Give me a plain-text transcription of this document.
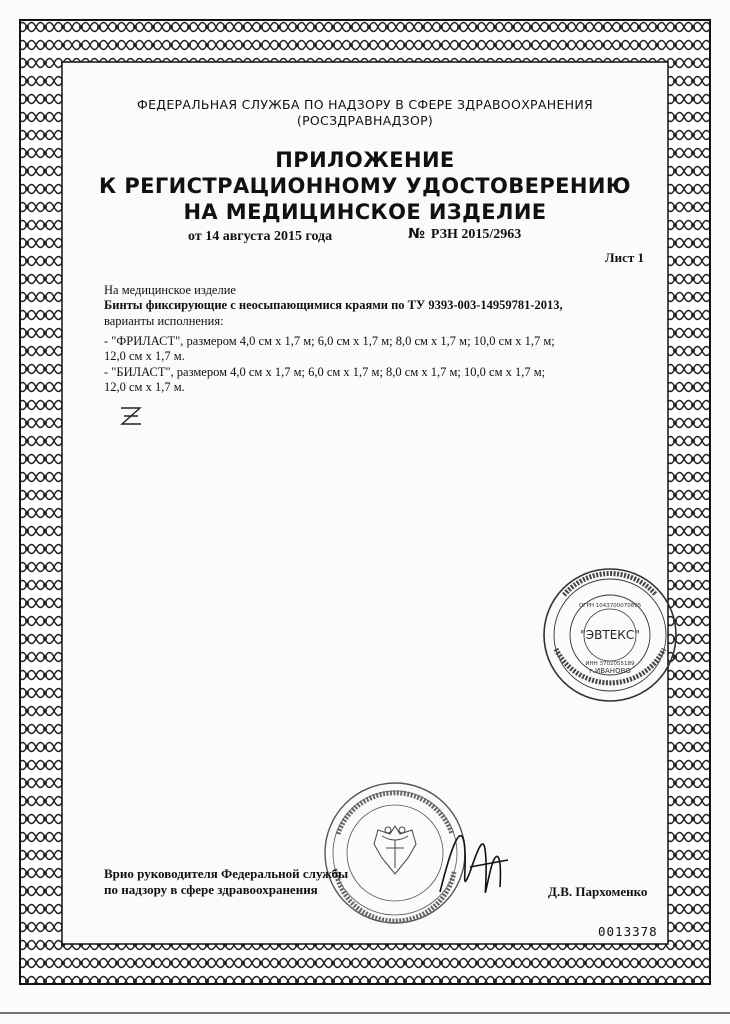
ФЕДЕРАЛЬНАЯ СЛУЖБА ПО НАДЗОРУ В СФЕРЕ ЗДРАВООХРАНЕНИЯ
(РОСЗДРАВНАДЗОР)
ПРИЛОЖЕНИЕ
К РЕГИСТРАЦИОННОМУ УДОСТОВЕРЕНИЮ
НА МЕДИЦИНСКОЕ ИЗДЕЛИЕ
от 14 августа 2015 года	№ РЗН 2015/2963
Лист 1
На медицинское изделие
Бинты фиксирующие с неосыпающимися краями по ТУ 9393-003-14959781-2013,
варианты исполнения:
- "ФРИЛАСТ", размером 4,0 см х 1,7 м; 6,0 см х 1,7 м; 8,0 см х 1,7 м; 10,0 см х 1,7 м;
12,0 см х 1,7 м.
- "БИЛАСТ", размером 4,0 см х 1,7 м; 6,0 см х 1,7 м; 8,0 см х 1,7 м; 10,0 см х 1,7 м;
12,0 см х 1,7 м.
"ЭВТЕКС"
г.ИВАНОВО
ОГРН 1043700070895
ИНН 3702055189
Врио руководителя Федеральной службы
по надзору в сфере здравоохранения	Д.В. Пархоменко
0013378
